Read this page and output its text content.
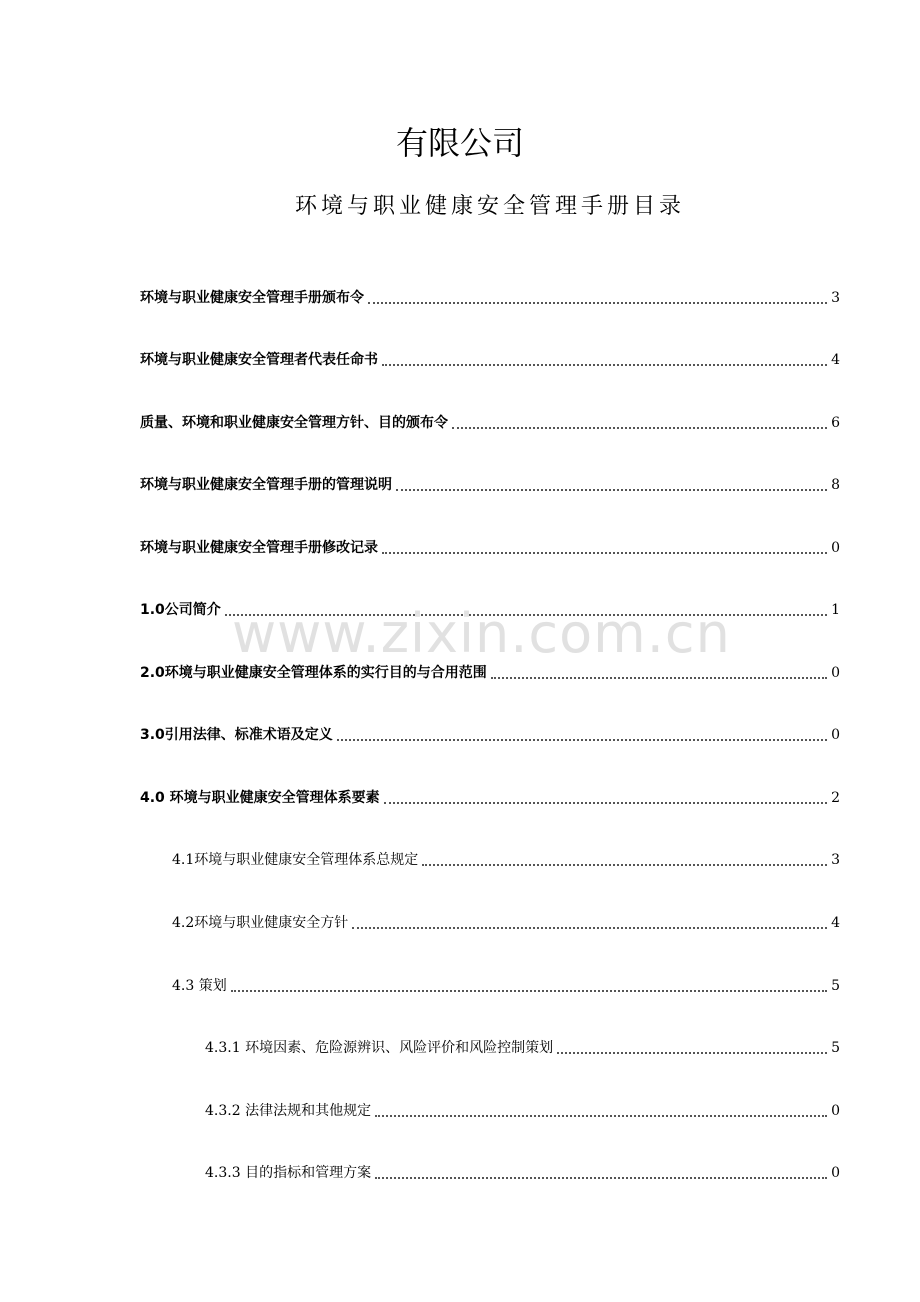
有限公司
环境与职业健康安全管理手册目录
环境与职业健康安全管理手册颁布令	3
环境与职业健康安全管理者代表任命书	4
质量、环境和职业健康安全管理方针、目的颁布令	6
环境与职业健康安全管理手册的管理说明	8
环境与职业健康安全管理手册修改记录	0
1.0公司简介	1
2.0环境与职业健康安全管理体系的实行目的与合用范围	0
3.0引用法律、标准术语及定义	0
4.0 环境与职业健康安全管理体系要素	2
4.1环境与职业健康安全管理体系总规定	3
4.2环境与职业健康安全方针	4
4.3 策划	5
4.3.1 环境因素、危险源辨识、风险评价和风险控制策划	5
4.3.2 法律法规和其他规定	0
4.3.3 目的指标和管理方案	0
www.zixin.com.cn
